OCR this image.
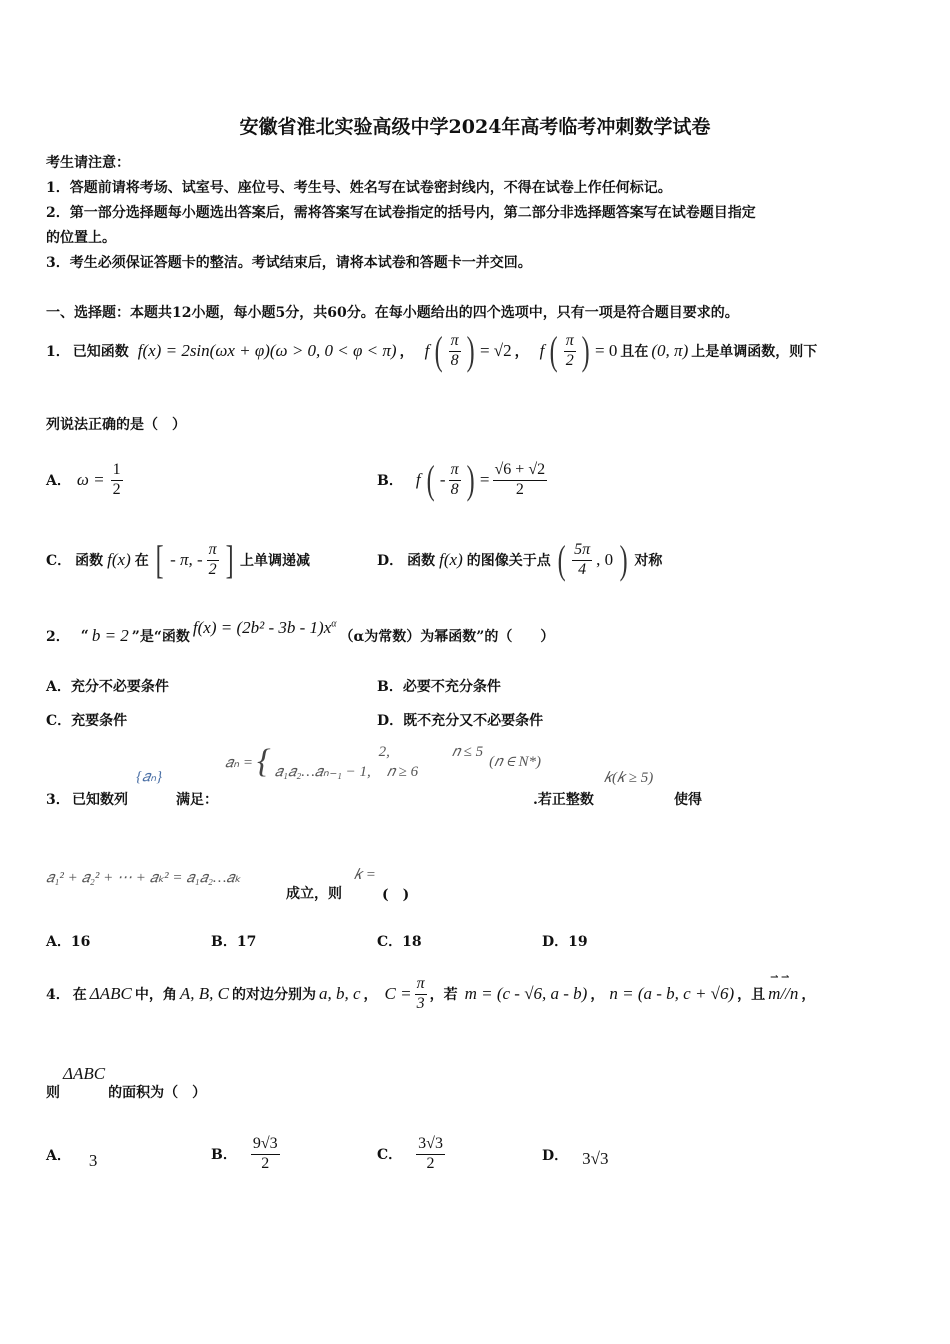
安徽省淮北实验高级中学2024年高考临考冲刺数学试卷
考生请注意：
1．答题前请将考场、试室号、座位号、考生号、姓名写在试卷密封线内，不得在试卷上作任何标记。
2．第一部分选择题每小题选出答案后，需将答案写在试卷指定的括号内，第二部分非选择题答案写在试卷题目指定
的位置上。
3．考生必须保证答题卡的整洁。考试结束后，请将本试卷和答题卡一并交回。
一、选择题：本题共12小题，每小题5分，共60分。在每小题给出的四个选项中，只有一项是符合题目要求的。
1． 已知函数 f(x) = 2sin(ωx + φ)(ω > 0, 0 < φ < π) ， f ( $\frac{\pi}{8}$ ) = √2 ， f ( $\frac{\pi}{2}$ ) = 0 且在 (0, π) 上是单调函数，则下
列说法正确的是（　）
A． $\omega = \frac{1}{2}$	B． f ( - $\frac{\pi}{8}$ ) = $\frac{√6 + √2}{2}$
C． 函数 f(x) 在 [ - π, - $\frac{\pi}{2}$ ] 上单调递减	D． 函数 f(x) 的图像关于点 ( $\frac{5\pi}{4}$ , 0 ) 对称
2． “ b = 2 ”是“函数 $f(x) = (2b^2 - 3b - 1)x^\alpha$
（α为常数）为幂函数”的（　　）
A．充分不必要条件	B．必要不充分条件
C．充要条件	D．既不充分又不必要条件
{𝑎ₙ}
𝑎ₙ = {	2,	𝑛 ≤ 5
𝑎₁𝑎₂…𝑎ₙ₋₁ − 1, 𝑛 ≥ 6
(𝑛 ∈ N*)
𝑘(𝑘 ≥ 5)
3． 已知数列	满足：	.若正整数	使得
𝑎₁² + 𝑎₂² + ⋯ + 𝑎ₖ² = 𝑎₁𝑎₂…𝑎ₖ
成立，则
𝑘 =
(　)
A．16	B．17	C．18	D．19
4． 在 ΔABC 中，角 A, B, C 的对边分别为 a, b, c ， $C = \frac{\pi}{3}$ ，若 m = (c - √6, a - b) ， n = (a - b, c + √6) ，且
⇀ ⇀
m//n ，
则
ΔABC
的面积为（　）
A． 3	B． $\frac{9√3}{2}$	C． $\frac{3√3}{2}$	D． 3√3
